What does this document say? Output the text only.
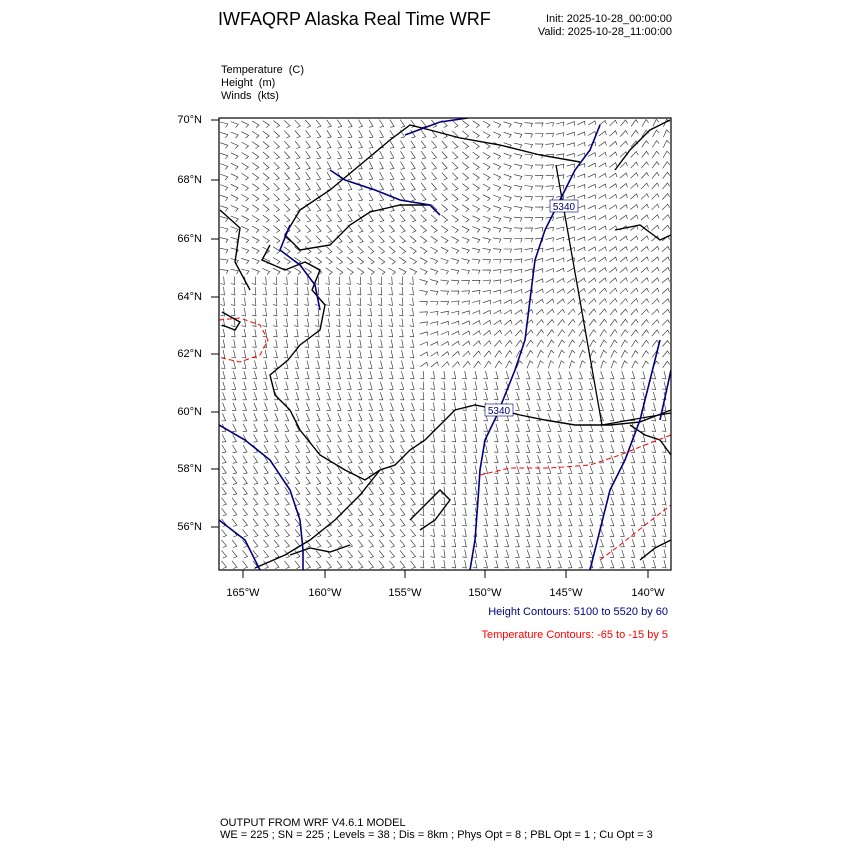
IWFAQRP Alaska Real Time WRF	Init: 2025-10-28_00:00:00
Valid: 2025-10-28_11:00:00
Temperature (C)
Height (m)
Winds (kts)
5340
5340
70°N
68°N
66°N
64°N
62°N
60°N
58°N
56°N
165°W	160°W	155°W	150°W	145°W	140°W
Height Contours: 5100 to 5520 by 60
Temperature Contours: -65 to -15 by 5
OUTPUT FROM WRF V4.6.1 MODEL
WE = 225 ; SN = 225 ; Levels = 38 ; Dis = 8km ; Phys Opt = 8 ; PBL Opt = 1 ; Cu Opt = 3
